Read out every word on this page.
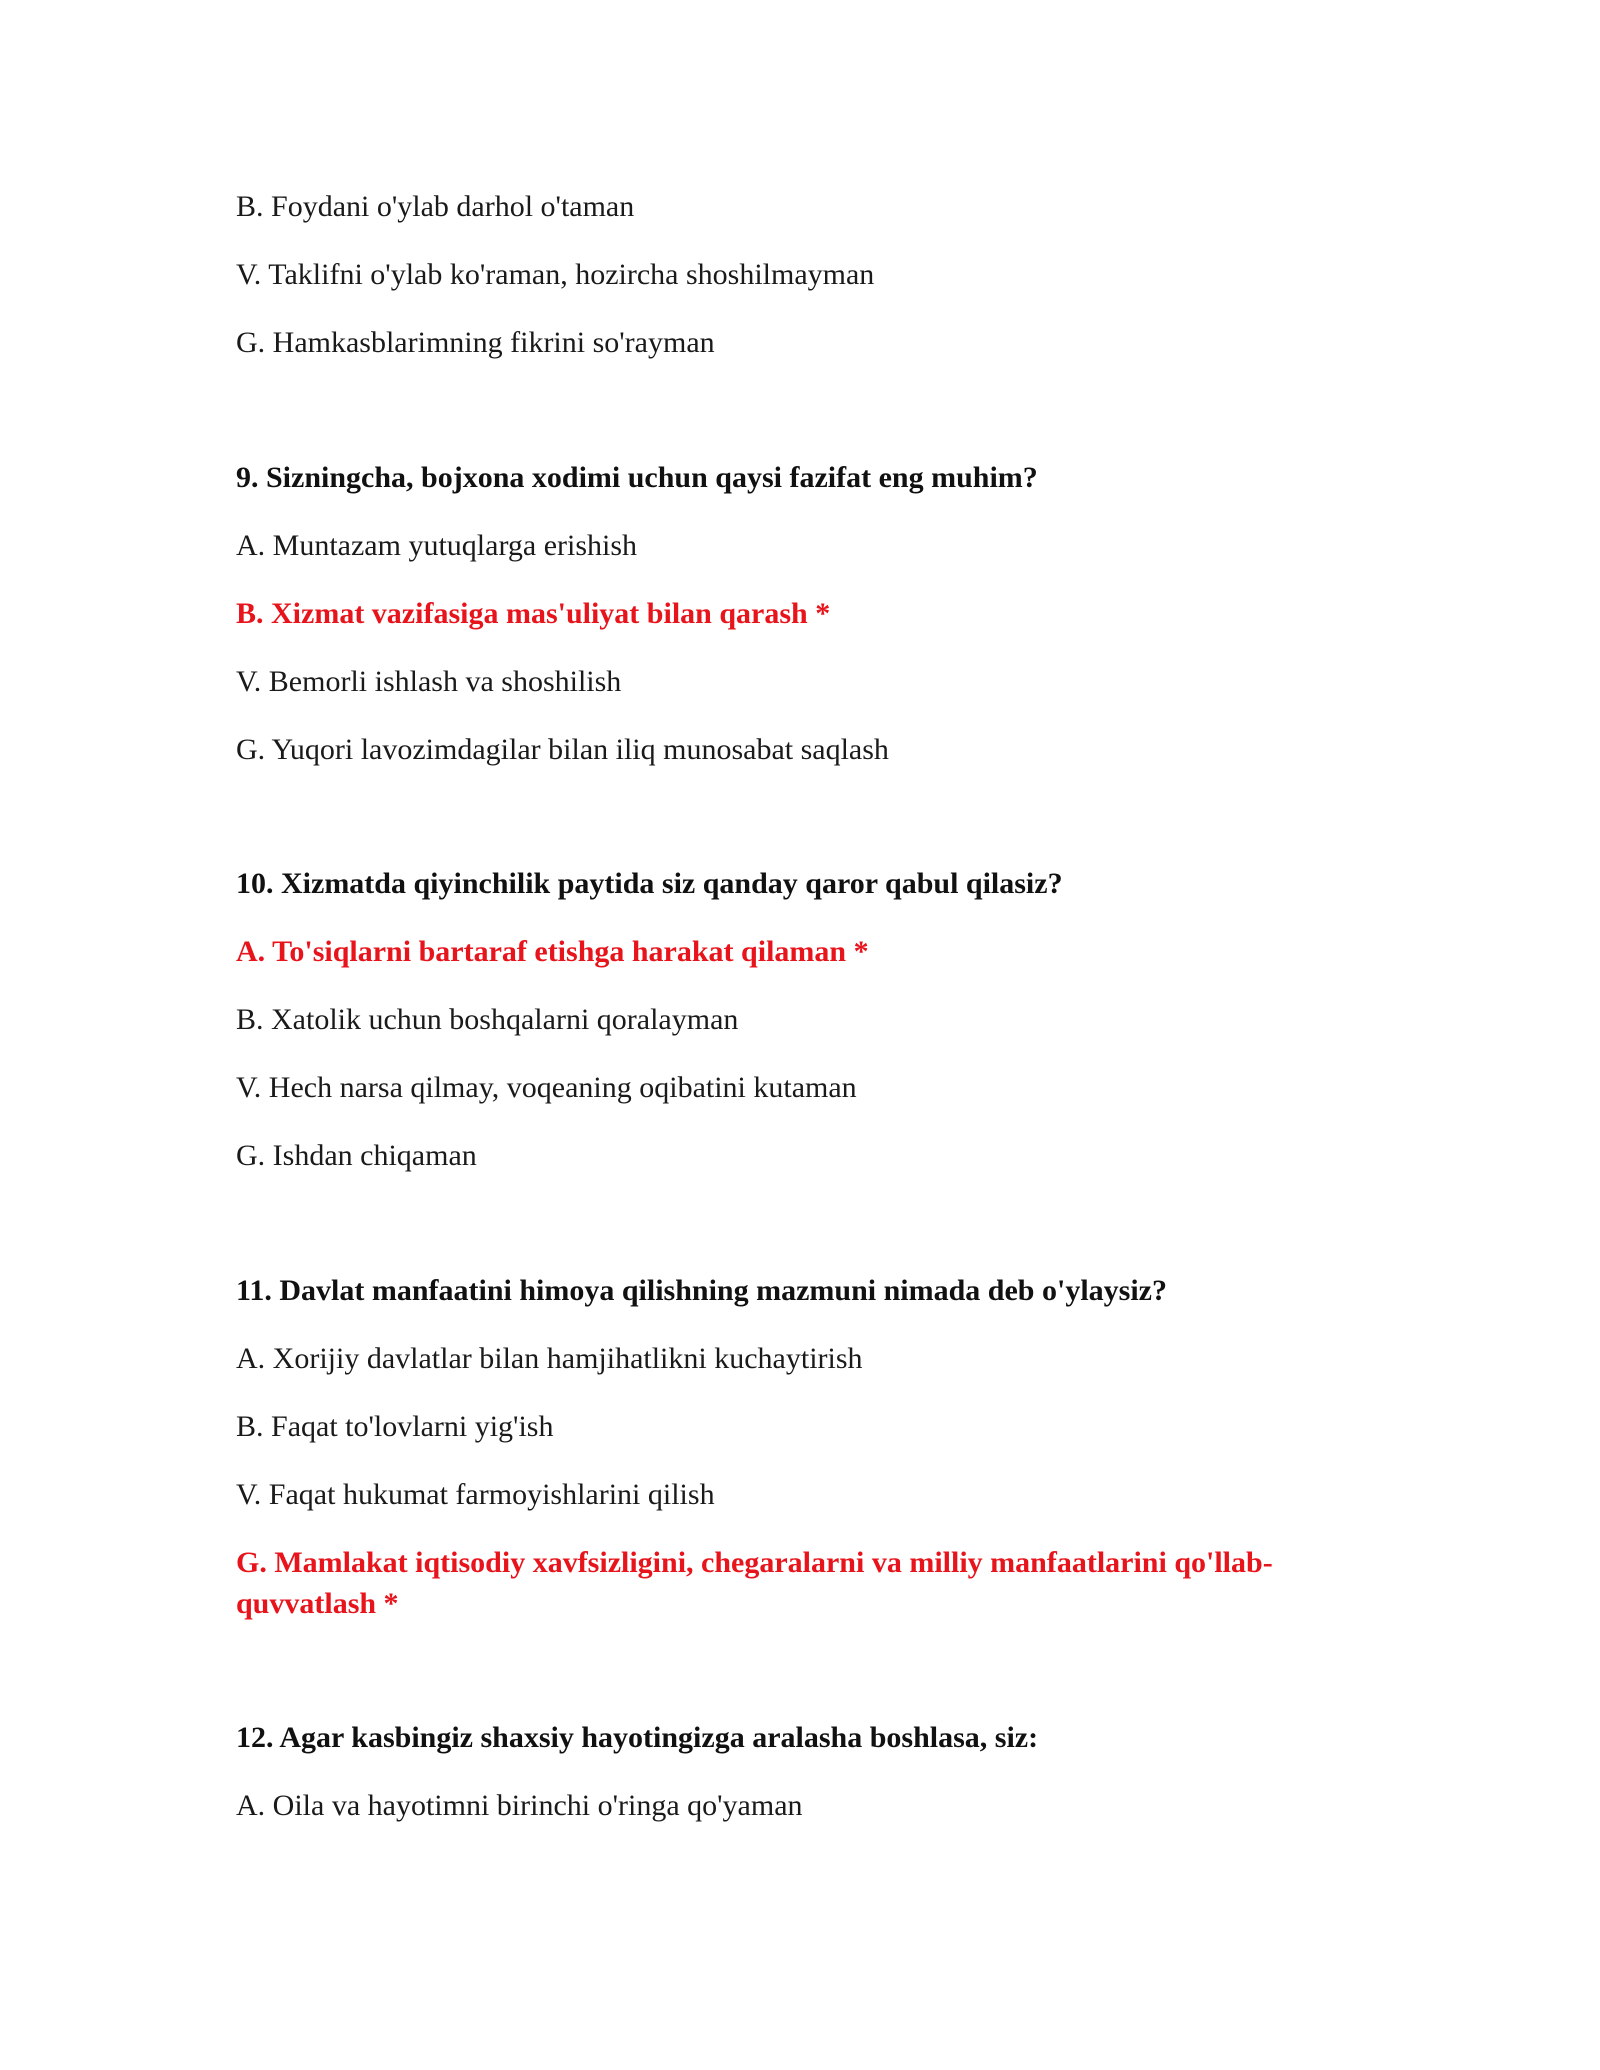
B. Foydani o'ylab darhol o'taman
V. Taklifni o'ylab ko'raman, hozircha shoshilmayman
G. Hamkasblarimning fikrini so'rayman
9. Sizningcha, bojxona xodimi uchun qaysi fazifat eng muhim?
A. Muntazam yutuqlarga erishish
B. Xizmat vazifasiga mas'uliyat bilan qarash *
V. Bemorli ishlash va shoshilish
G. Yuqori lavozimdagilar bilan iliq munosabat saqlash
10. Xizmatda qiyinchilik paytida siz qanday qaror qabul qilasiz?
A. To'siqlarni bartaraf etishga harakat qilaman *
B. Xatolik uchun boshqalarni qoralayman
V. Hech narsa qilmay, voqeaning oqibatini kutaman
G. Ishdan chiqaman
11. Davlat manfaatini himoya qilishning mazmuni nimada deb o'ylaysiz?
A. Xorijiy davlatlar bilan hamjihatlikni kuchaytirish
B. Faqat to'lovlarni yig'ish
V. Faqat hukumat farmoyishlarini qilish
G. Mamlakat iqtisodiy xavfsizligini, chegaralarni va milliy manfaatlarini qo'llab-quvvatlash *
12. Agar kasbingiz shaxsiy hayotingizga aralasha boshlasa, siz:
A. Oila va hayotimni birinchi o'ringa qo'yaman
